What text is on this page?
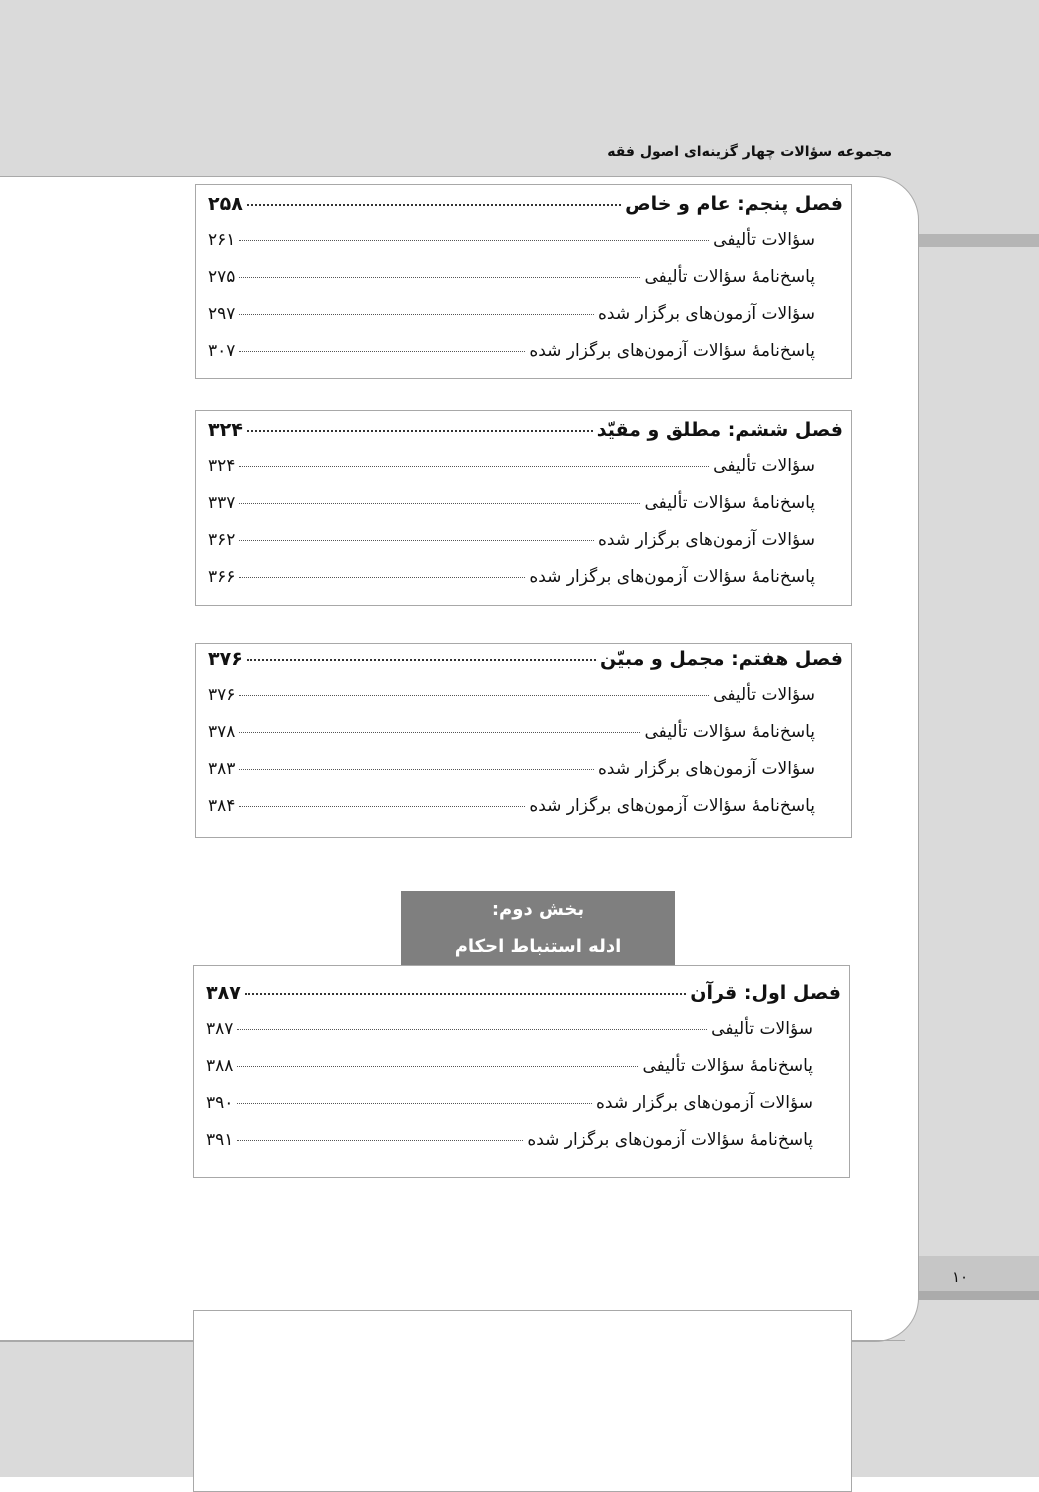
۱۰
مجموعه سؤالات چهار گزینه‌ای اصول فقه
فصل پنجم: عام و خاص
۲۵۸
سؤالات تألیفی
۲۶۱
پاسخ‌نامهٔ سؤالات تألیفی
۲۷۵
سؤالات آزمون‌های برگزار شده
۲۹۷
پاسخ‌نامهٔ سؤالات آزمون‌های برگزار شده
۳۰۷
فصل ششم: مطلق و مقیّد
۳۲۴
سؤالات تألیفی
۳۲۴
پاسخ‌نامهٔ سؤالات تألیفی
۳۳۷
سؤالات آزمون‌های برگزار شده
۳۶۲
پاسخ‌نامهٔ سؤالات آزمون‌های برگزار شده
۳۶۶
فصل هفتم: مجمل و مبیّن
۳۷۶
سؤالات تألیفی
۳۷۶
پاسخ‌نامهٔ سؤالات تألیفی
۳۷۸
سؤالات آزمون‌های برگزار شده
۳۸۳
پاسخ‌نامهٔ سؤالات آزمون‌های برگزار شده
۳۸۴
بخش دوم:
ادله استنباط احکام
فصل اول: قرآن
۳۸۷
سؤالات تألیفی
۳۸۷
پاسخ‌نامهٔ سؤالات تألیفی
۳۸۸
سؤالات آزمون‌های برگزار شده
۳۹۰
پاسخ‌نامهٔ سؤالات آزمون‌های برگزار شده
۳۹۱
